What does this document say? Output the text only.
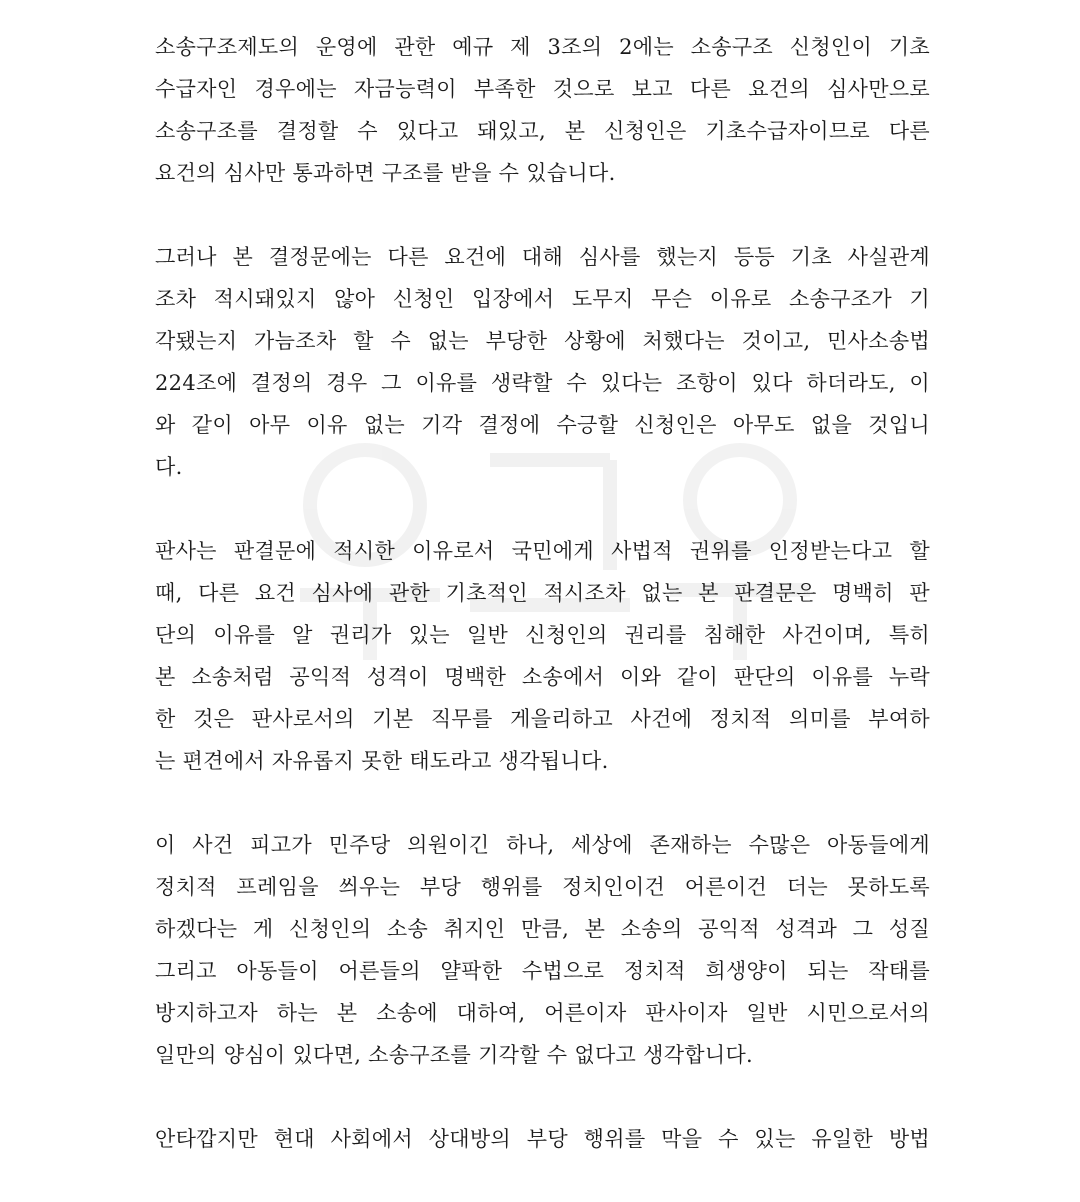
소송구조제도의 운영에 관한 예규 제 3조의 2에는 소송구조 신청인이 기초
수급자인 경우에는 자금능력이 부족한 것으로 보고 다른 요건의 심사만으로
소송구조를 결정할 수 있다고 돼있고, 본 신청인은 기초수급자이므로 다른
요건의 심사만 통과하면 구조를 받을 수 있습니다.
그러나 본 결정문에는 다른 요건에 대해 심사를 했는지 등등 기초 사실관계
조차 적시돼있지 않아 신청인 입장에서 도무지 무슨 이유로 소송구조가 기
각됐는지 가늠조차 할 수 없는 부당한 상황에 처했다는 것이고, 민사소송법
224조에 결정의 경우 그 이유를 생략할 수 있다는 조항이 있다 하더라도, 이
와 같이 아무 이유 없는 기각 결정에 수긍할 신청인은 아무도 없을 것입니
다.
판사는 판결문에 적시한 이유로서 국민에게 사법적 권위를 인정받는다고 할
때, 다른 요건 심사에 관한 기초적인 적시조차 없는 본 판결문은 명백히 판
단의 이유를 알 권리가 있는 일반 신청인의 권리를 침해한 사건이며, 특히
본 소송처럼 공익적 성격이 명백한 소송에서 이와 같이 판단의 이유를 누락
한 것은 판사로서의 기본 직무를 게을리하고 사건에 정치적 의미를 부여하
는 편견에서 자유롭지 못한 태도라고 생각됩니다.
이 사건 피고가 민주당 의원이긴 하나, 세상에 존재하는 수많은 아동들에게
정치적 프레임을 씌우는 부당 행위를 정치인이건 어른이건 더는 못하도록
하겠다는 게 신청인의 소송 취지인 만큼, 본 소송의 공익적 성격과 그 성질
그리고 아동들이 어른들의 얄팍한 수법으로 정치적 희생양이 되는 작태를
방지하고자 하는 본 소송에 대하여, 어른이자 판사이자 일반 시민으로서의
일만의 양심이 있다면, 소송구조를 기각할 수 없다고 생각합니다.
안타깝지만 현대 사회에서 상대방의 부당 행위를 막을 수 있는 유일한 방법
